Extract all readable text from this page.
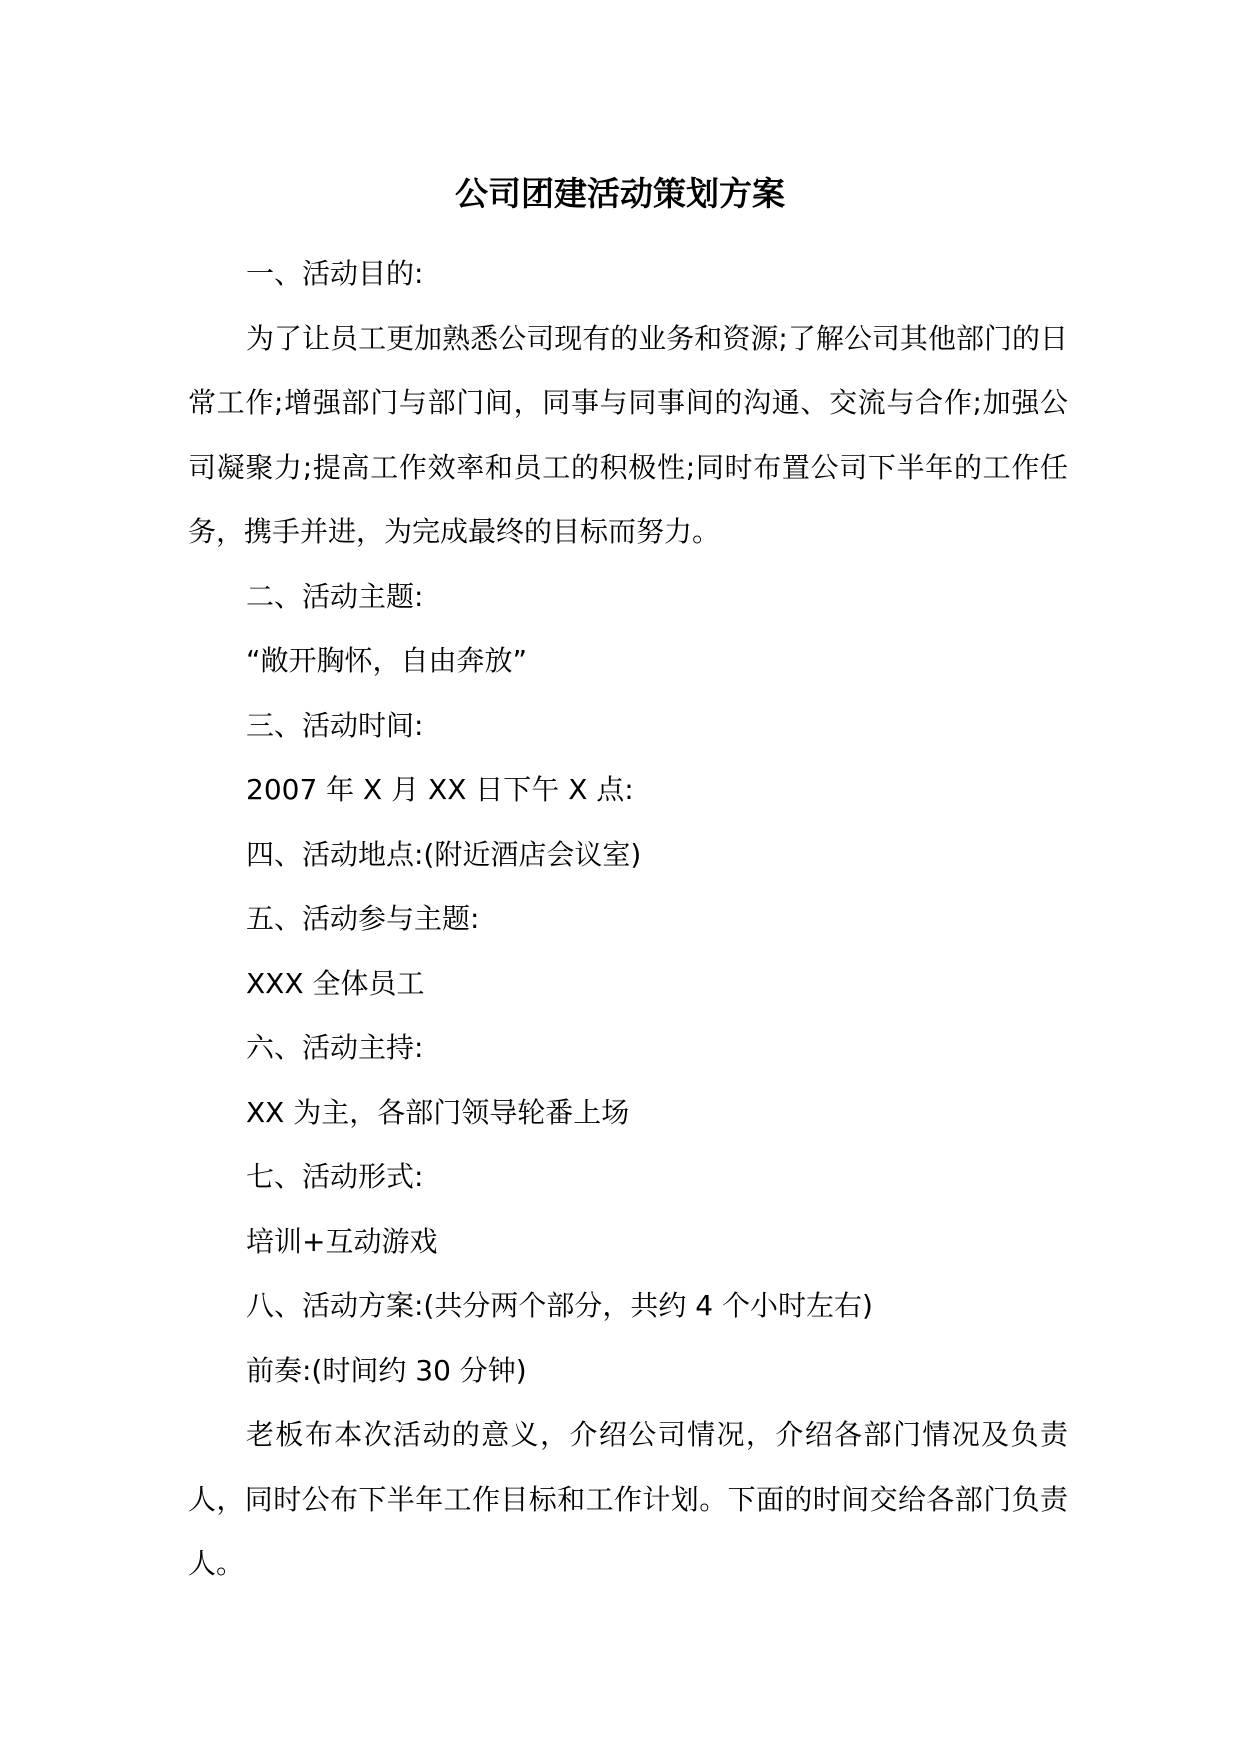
公司团建活动策划方案

一、活动目的:

为了让员工更加熟悉公司现有的业务和资源;了解公司其他部门的日常工作;增强部门与部门间，同事与同事间的沟通、交流与合作;加强公司凝聚力;提高工作效率和员工的积极性;同时布置公司下半年的工作任务，携手并进，为完成最终的目标而努力。

二、活动主题:

“敞开胸怀，自由奔放”

三、活动时间:

2007 年 X 月 XX 日下午 X 点:

四、活动地点:(附近酒店会议室)

五、活动参与主题:

XXX 全体员工

六、活动主持:

XX 为主，各部门领导轮番上场

七、活动形式:

培训+互动游戏

八、活动方案:(共分两个部分，共约 4 个小时左右)

前奏:(时间约 30 分钟)

老板布本次活动的意义，介绍公司情况，介绍各部门情况及负责人，同时公布下半年工作目标和工作计划。下面的时间交给各部门负责人。
